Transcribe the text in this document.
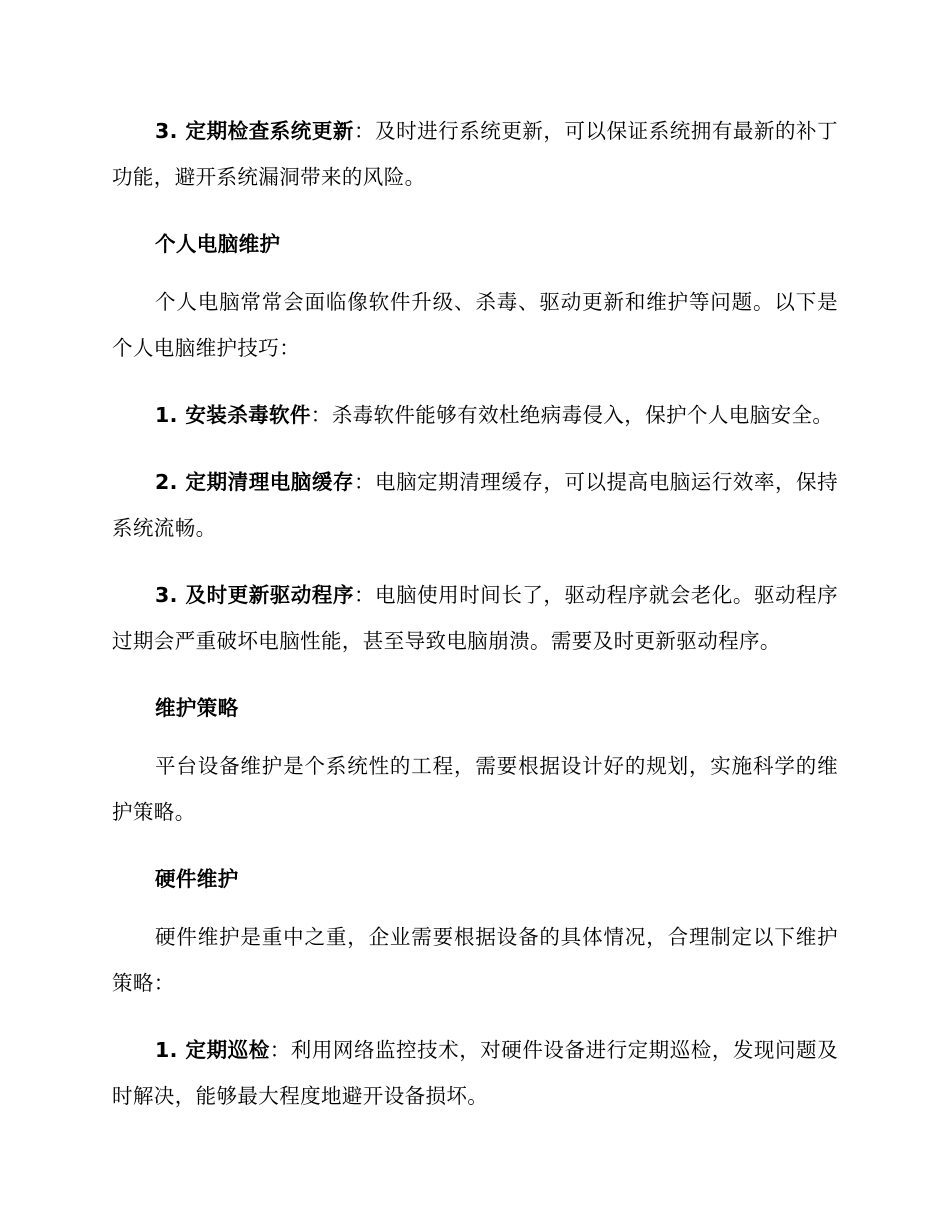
3. 定期检查系统更新：及时进行系统更新，可以保证系统拥有最新的补丁功能，避开系统漏洞带来的风险。

个人电脑维护

个人电脑常常会面临像软件升级、杀毒、驱动更新和维护等问题。以下是个人电脑维护技巧：

1. 安装杀毒软件：杀毒软件能够有效杜绝病毒侵入，保护个人电脑安全。

2. 定期清理电脑缓存：电脑定期清理缓存，可以提高电脑运行效率，保持系统流畅。

3. 及时更新驱动程序：电脑使用时间长了，驱动程序就会老化。驱动程序过期会严重破坏电脑性能，甚至导致电脑崩溃。需要及时更新驱动程序。

维护策略

平台设备维护是个系统性的工程，需要根据设计好的规划，实施科学的维护策略。

硬件维护

硬件维护是重中之重，企业需要根据设备的具体情况，合理制定以下维护策略：

1. 定期巡检：利用网络监控技术，对硬件设备进行定期巡检，发现问题及时解决，能够最大程度地避开设备损坏。
